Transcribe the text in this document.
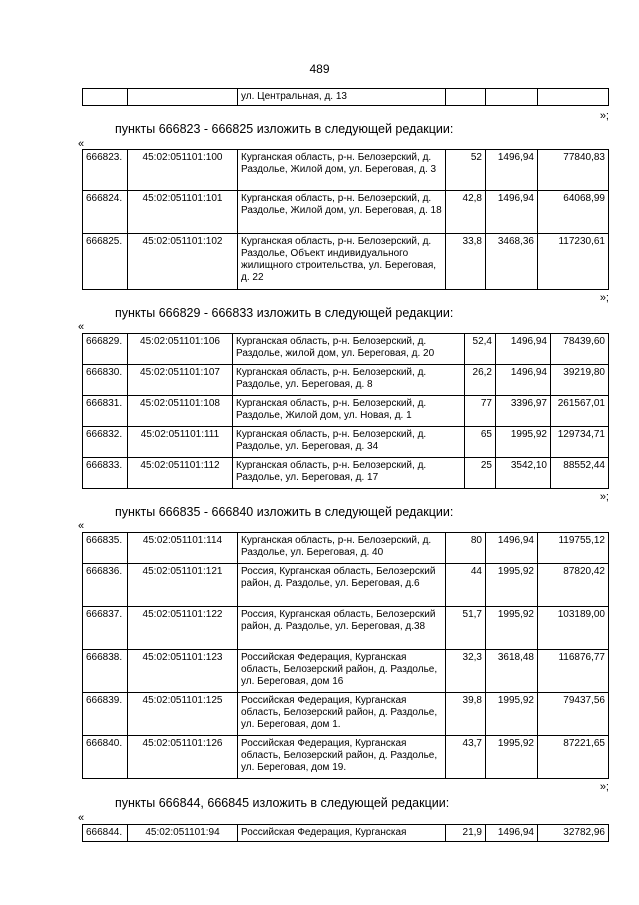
489
		ул. Центральная, д. 13			
»;
пункты 666823 - 666825 изложить в следующей редакции:
«
666823.	45:02:051101:100	Курганская область, р-н. Белозерский, д. Раздолье, Жилой дом, ул. Береговая, д. 3	52	1496,94	77840,83
666824.	45:02:051101:101	Курганская область, р-н. Белозерский, д. Раздолье, Жилой дом, ул. Береговая, д. 18	42,8	1496,94	64068,99
666825.	45:02:051101:102	Курганская область, р-н. Белозерский, д. Раздолье, Объект индивидуального жилищного строительства, ул. Береговая, д. 22	33,8	3468,36	117230,61
»;
пункты 666829 - 666833 изложить в следующей редакции:
«
666829.	45:02:051101:106	Курганская область, р-н. Белозерский, д. Раздолье, жилой дом, ул. Береговая, д. 20	52,4	1496,94	78439,60
666830.	45:02:051101:107	Курганская область, р-н. Белозерский, д. Раздолье, ул. Береговая, д. 8	26,2	1496,94	39219,80
666831.	45:02:051101:108	Курганская область, р-н. Белозерский, д. Раздолье, Жилой дом, ул. Новая, д. 1	77	3396,97	261567,01
666832.	45:02:051101:111	Курганская область, р-н. Белозерский, д. Раздолье, ул. Береговая, д. 34	65	1995,92	129734,71
666833.	45:02:051101:112	Курганская область, р-н. Белозерский, д. Раздолье, ул. Береговая, д. 17	25	3542,10	88552,44
»;
пункты 666835 - 666840 изложить в следующей редакции:
«
666835.	45:02:051101:114	Курганская область, р-н. Белозерский, д. Раздолье, ул. Береговая, д. 40	80	1496,94	119755,12
666836.	45:02:051101:121	Россия, Курганская область, Белозерский район, д. Раздолье, ул. Береговая, д.6	44	1995,92	87820,42
666837.	45:02:051101:122	Россия, Курганская область, Белозерский район, д. Раздолье, ул. Береговая, д.38	51,7	1995,92	103189,00
666838.	45:02:051101:123	Российская Федерация, Курганская область, Белозерский район, д. Раздолье, ул. Береговая, дом 16	32,3	3618,48	116876,77
666839.	45:02:051101:125	Российская Федерация, Курганская область, Белозерский район, д. Раздолье, ул. Береговая, дом 1.	39,8	1995,92	79437,56
666840.	45:02:051101:126	Российская Федерация, Курганская область, Белозерский район, д. Раздолье, ул. Береговая, дом 19.	43,7	1995,92	87221,65
»;
пункты 666844, 666845 изложить в следующей редакции:
«
666844.	45:02:051101:94	Российская Федерация, Курганская	21,9	1496,94	32782,96
